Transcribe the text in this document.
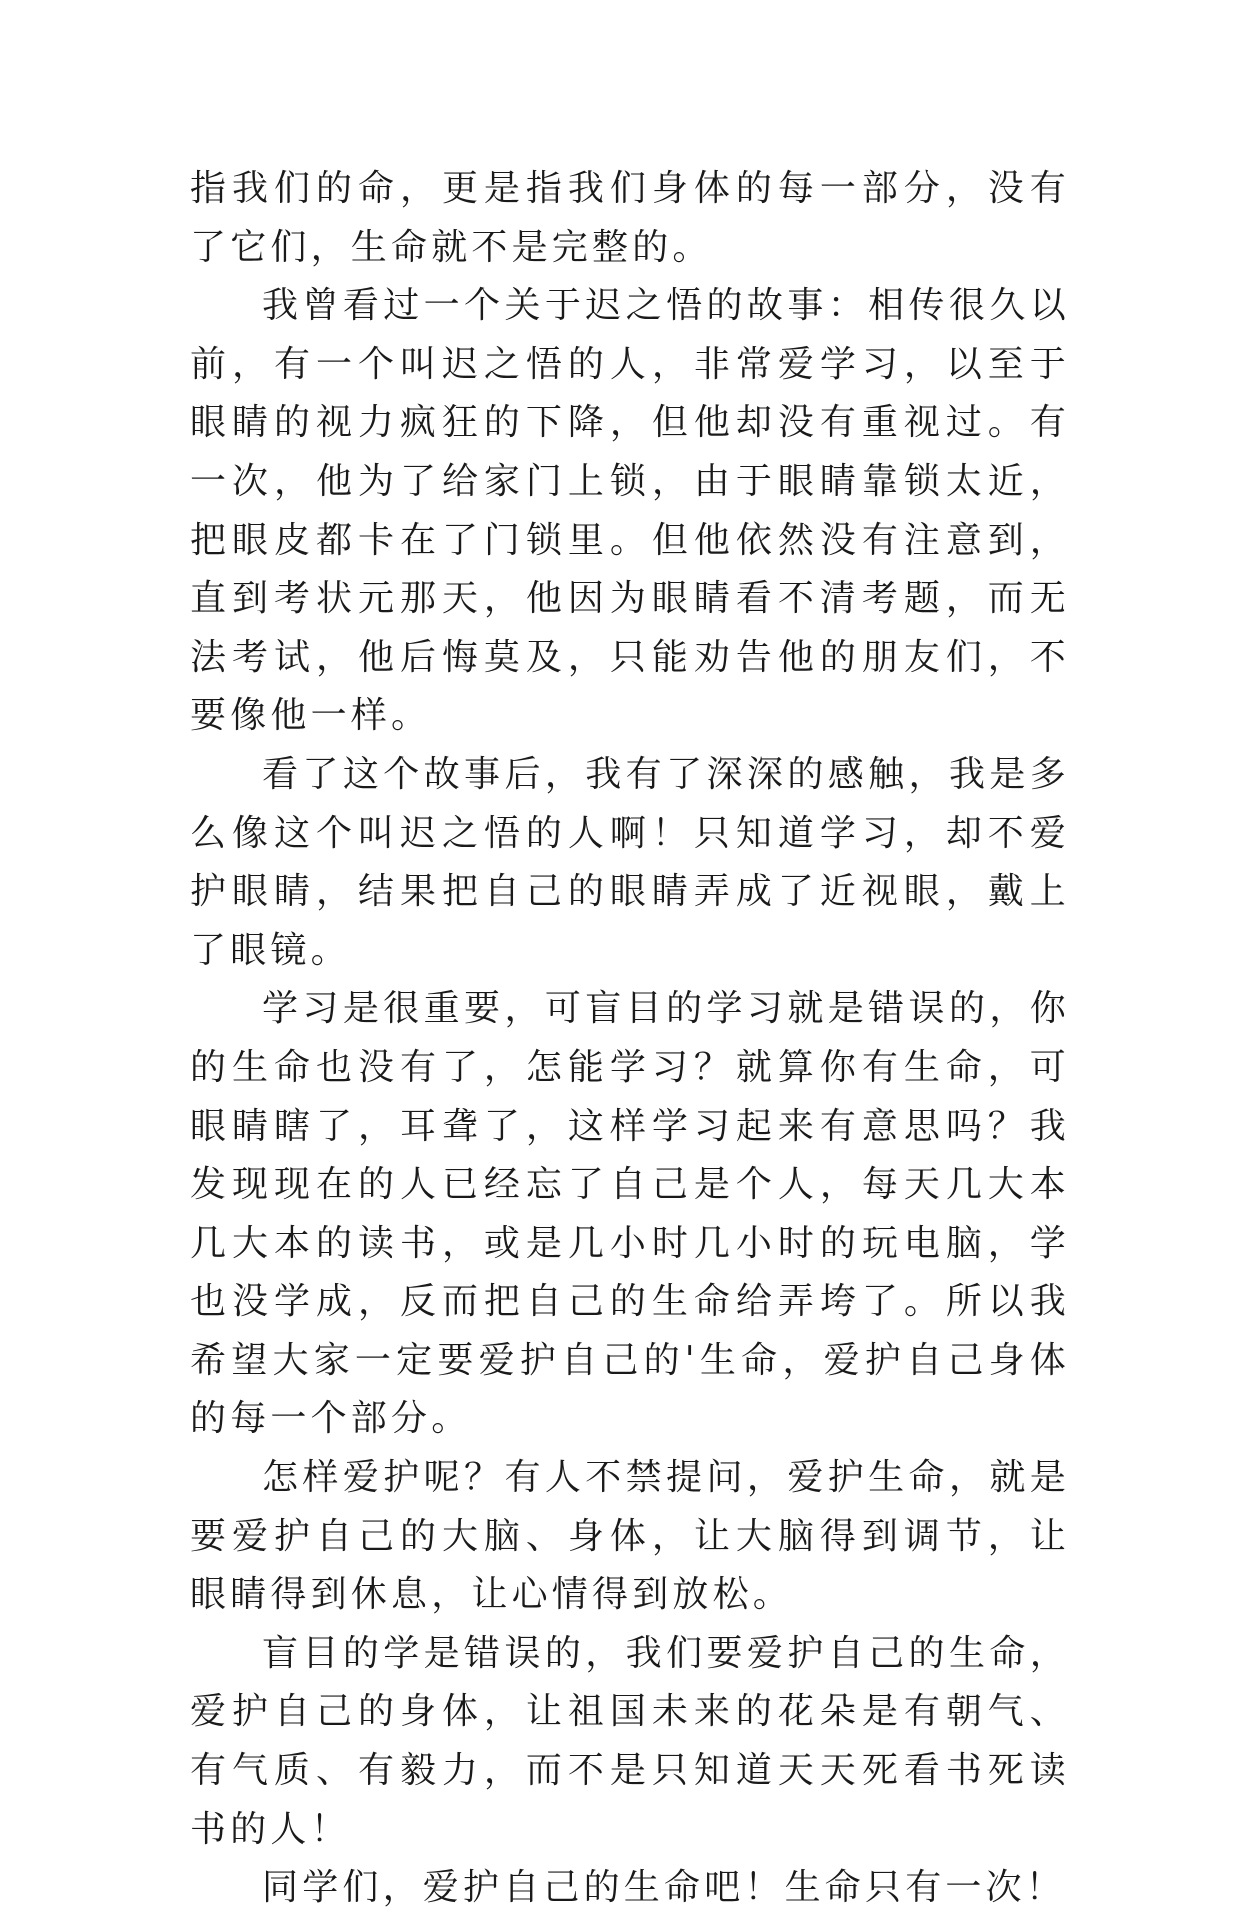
指我们的命，更是指我们身体的每一部分，没有了它们，生命就不是完整的。

我曾看过一个关于迟之悟的故事：相传很久以前，有一个叫迟之悟的人，非常爱学习，以至于眼睛的视力疯狂的下降，但他却没有重视过。有一次，他为了给家门上锁，由于眼睛靠锁太近，把眼皮都卡在了门锁里。但他依然没有注意到，直到考状元那天，他因为眼睛看不清考题，而无法考试，他后悔莫及，只能劝告他的朋友们，不要像他一样。

看了这个故事后，我有了深深的感触，我是多么像这个叫迟之悟的人啊！只知道学习，却不爱护眼睛，结果把自己的眼睛弄成了近视眼，戴上了眼镜。

学习是很重要，可盲目的学习就是错误的，你的生命也没有了，怎能学习？就算你有生命，可眼睛瞎了，耳聋了，这样学习起来有意思吗？我发现现在的人已经忘了自己是个人，每天几大本几大本的读书，或是几小时几小时的玩电脑，学也没学成，反而把自己的生命给弄垮了。所以我希望大家一定要爱护自己的'生命，爱护自己身体的每一个部分。

怎样爱护呢？有人不禁提问，爱护生命，就是要爱护自己的大脑、身体，让大脑得到调节，让眼睛得到休息，让心情得到放松。

盲目的学是错误的，我们要爱护自己的生命，爱护自己的身体，让祖国未来的花朵是有朝气、有气质、有毅力，而不是只知道天天死看书死读书的人！

同学们，爱护自己的生命吧！生命只有一次！
